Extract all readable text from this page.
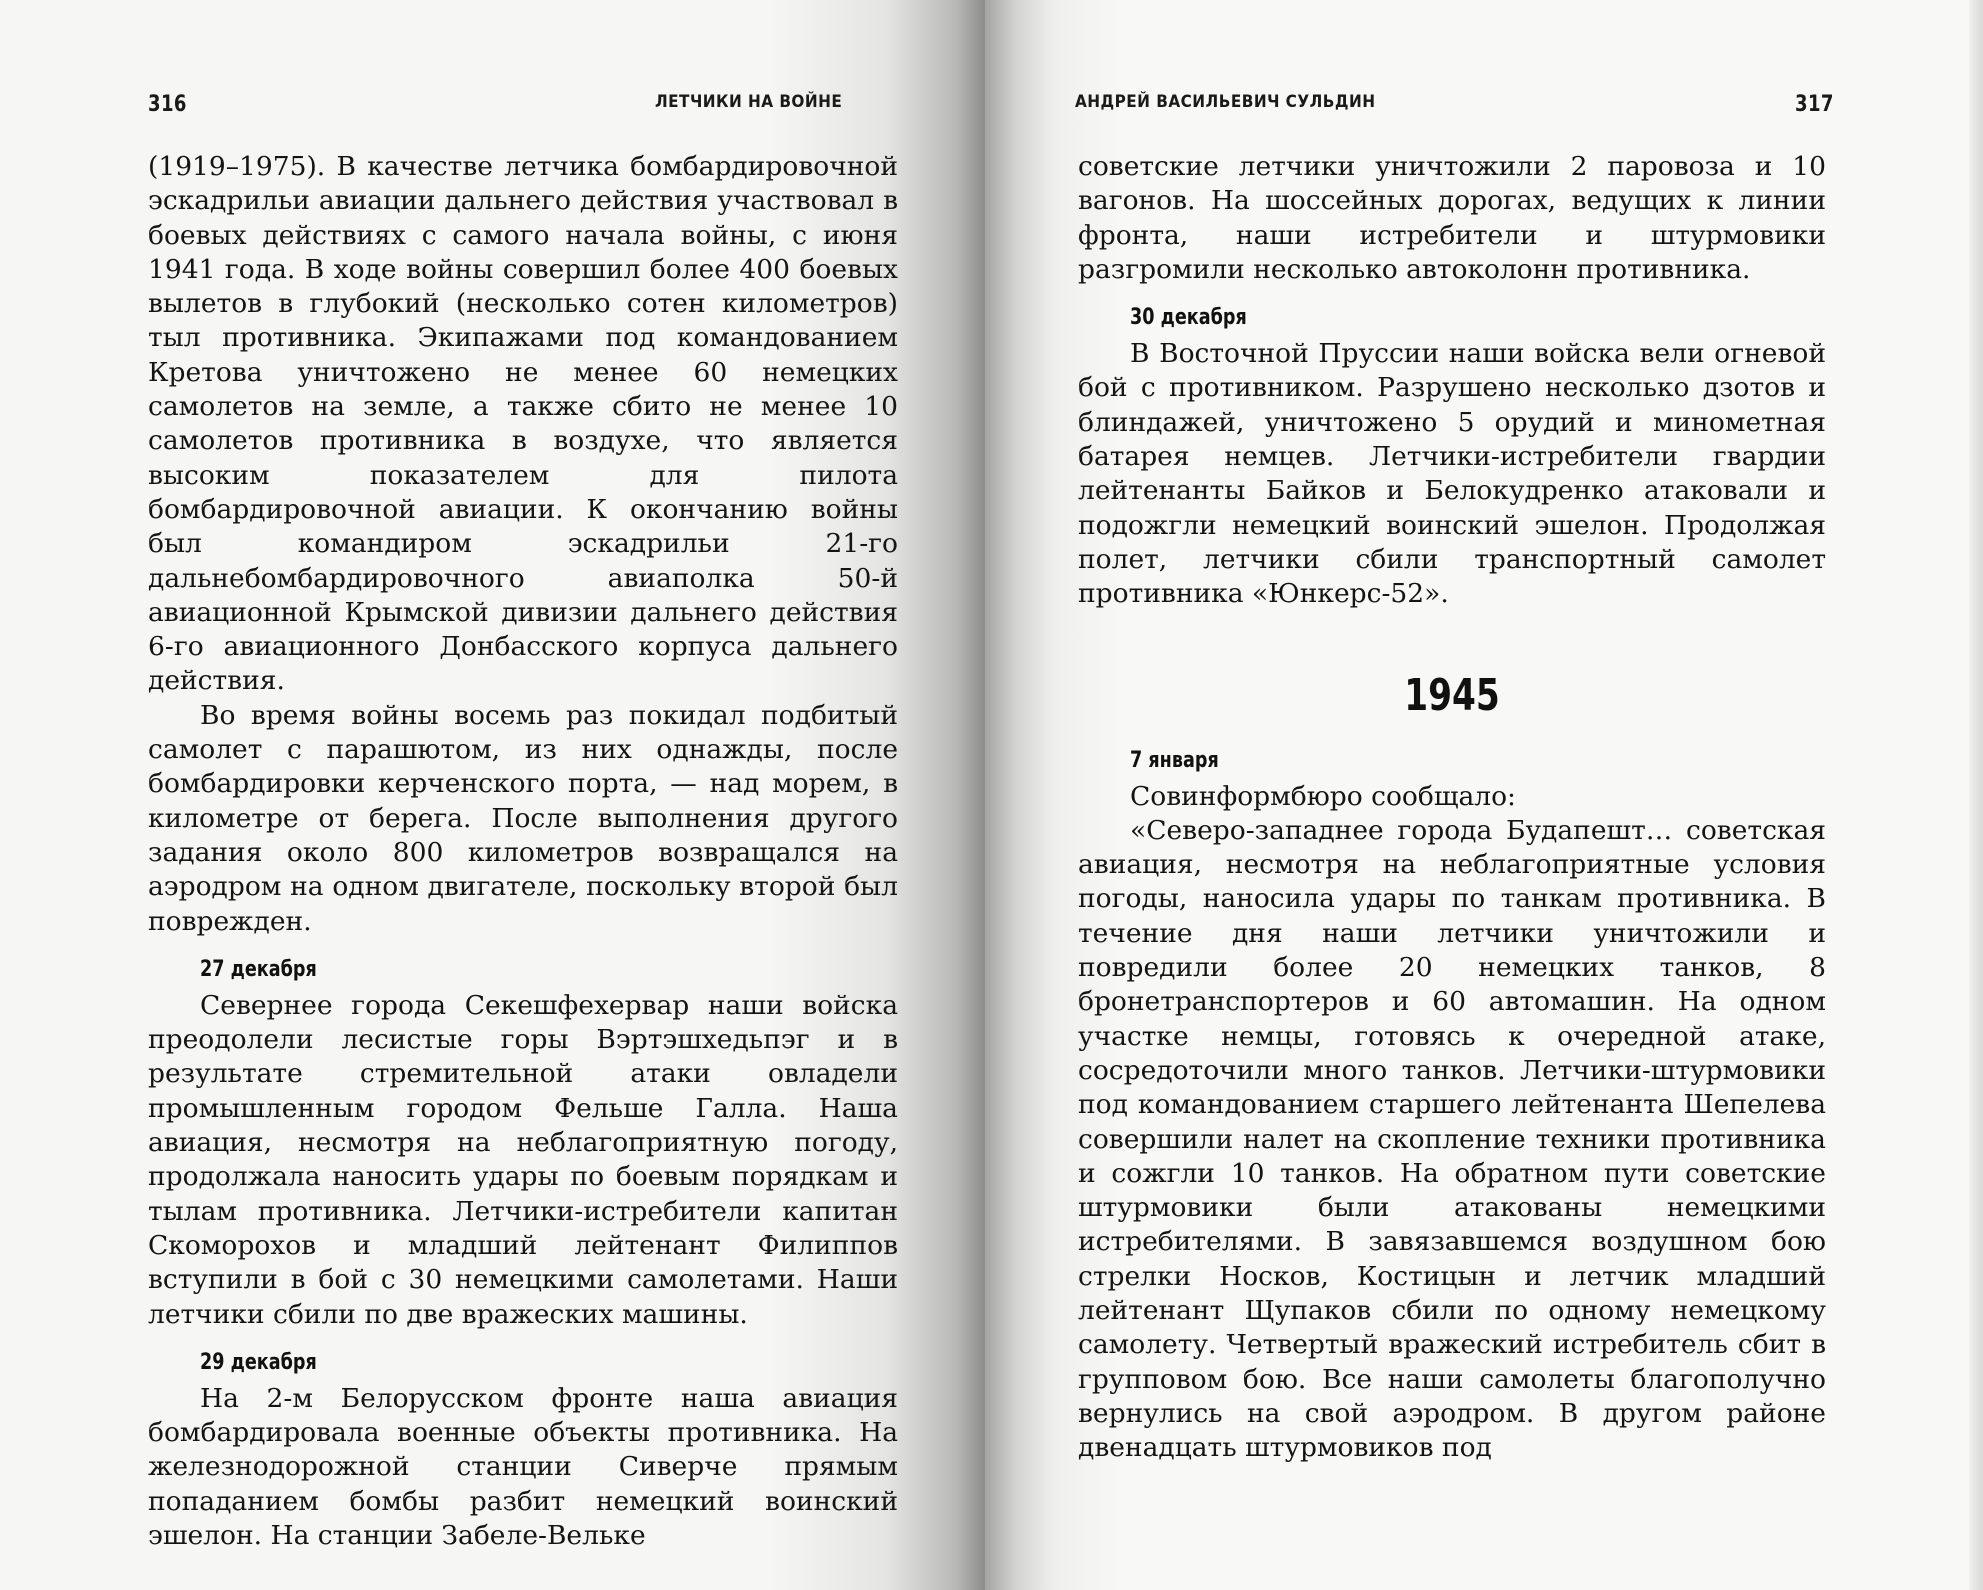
316	ЛЕТЧИКИ НА ВОЙНЕ

(1919–1975). В качестве летчика бомбардировочной эскадрильи авиации дальнего действия участвовал в боевых действиях с самого начала войны, с июня 1941 года. В ходе войны совершил более 400 боевых вылетов в глубокий (несколько сотен километров) тыл противника. Экипажами под командованием Кретова уничтожено не менее 60 немецких самолетов на земле, а также сбито не менее 10 самолетов противника в воздухе, что является высоким показателем для пилота бомбардировочной авиации. К окончанию войны был командиром эскадрильи 21-го дальнебомбардировочного авиаполка 50-й авиационной Крымской дивизии дальнего действия 6-го авиационного Донбасского корпуса дальнего действия.

Во время войны восемь раз покидал подбитый самолет с парашютом, из них однажды, после бомбардировки керченского порта, — над морем, в километре от берега. После выполнения другого задания около 800 километров возвращался на аэродром на одном двигателе, поскольку второй был поврежден.

27 декабря

Севернее города Секешфехервар наши войска преодолели лесистые горы Вэртэшхедьпэг и в результате стремительной атаки овладели промышленным городом Фельше Галла. Наша авиация, несмотря на неблагоприятную погоду, продолжала наносить удары по боевым порядкам и тылам противника. Летчики-истребители капитан Скоморохов и младший лейтенант Филиппов вступили в бой с 30 немецкими самолетами. Наши летчики сбили по две вражеских машины.

29 декабря

На 2-м Белорусском фронте наша авиация бомбардировала военные объекты противника. На железнодорожной станции Сиверче прямым попаданием бомбы разбит немецкий воинский эшелон. На станции Забеле-Вельке

АНДРЕЙ ВАСИЛЬЕВИЧ СУЛЬДИН	317

советские летчики уничтожили 2 паровоза и 10 вагонов. На шоссейных дорогах, ведущих к линии фронта, наши истребители и штурмовики разгромили несколько автоколонн противника.

30 декабря

В Восточной Пруссии наши войска вели огневой бой с противником. Разрушено несколько дзотов и блиндажей, уничтожено 5 орудий и минометная батарея немцев. Летчики-истребители гвардии лейтенанты Байков и Белокудренко атаковали и подожгли немецкий воинский эшелон. Продолжая полет, летчики сбили транспортный самолет противника «Юнкерс-52».

1945

7 января

Совинформбюро сообщало:

«Северо-западнее города Будапешт… советская авиация, несмотря на неблагоприятные условия погоды, наносила удары по танкам противника. В течение дня наши летчики уничтожили и повредили более 20 немецких танков, 8 бронетранспортеров и 60 автомашин. На одном участке немцы, готовясь к очередной атаке, сосредоточили много танков. Летчики-штурмовики под командованием старшего лейтенанта Шепелева совершили налет на скопление техники противника и сожгли 10 танков. На обратном пути советские штурмовики были атакованы немецкими истребителями. В завязавшемся воздушном бою стрелки Носков, Костицын и летчик младший лейтенант Щупаков сбили по одному немецкому самолету. Четвертый вражеский истребитель сбит в групповом бою. Все наши самолеты благополучно вернулись на свой аэродром. В другом районе двенадцать штурмовиков под
